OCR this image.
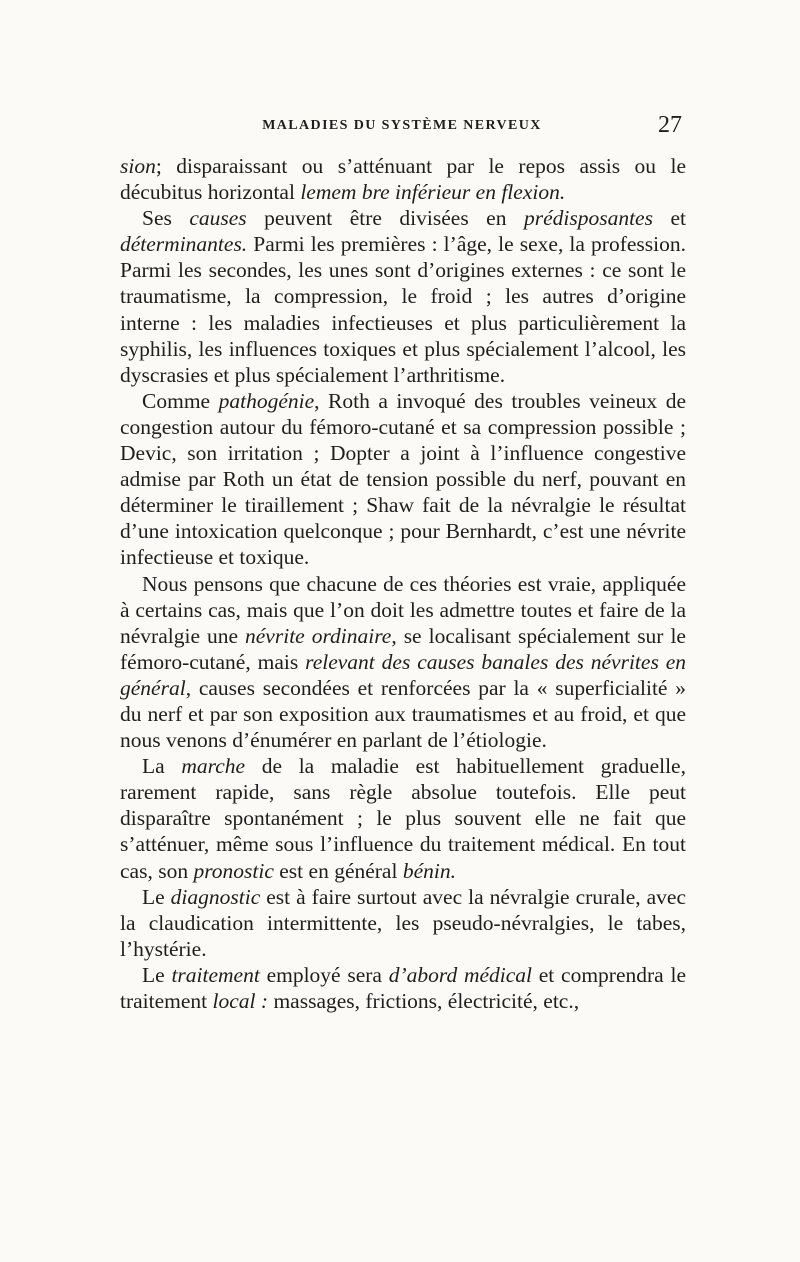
MALADIES DU SYSTÈME NERVEUX	27

sion; disparaissant ou s’atténuant par le repos assis ou le décubitus horizontal lemem bre inférieur en flexion.

Ses causes peuvent être divisées en prédisposantes et déterminantes. Parmi les premières : l’âge, le sexe, la profession. Parmi les secondes, les unes sont d’origines externes : ce sont le traumatisme, la compression, le froid ; les autres d’origine interne : les maladies infectieuses et plus particulièrement la syphilis, les influences toxiques et plus spécialement l’alcool, les dyscrasies et plus spécialement l’arthritisme.

Comme pathogénie, Roth a invoqué des troubles veineux de congestion autour du fémoro-cutané et sa compression possible ; Devic, son irritation ; Dopter a joint à l’influence congestive admise par Roth un état de tension possible du nerf, pouvant en déterminer le tiraillement ; Shaw fait de la névralgie le résultat d’une intoxication quelconque ; pour Bernhardt, c’est une névrite infectieuse et toxique.

Nous pensons que chacune de ces théories est vraie, appliquée à certains cas, mais que l’on doit les admettre toutes et faire de la névralgie une névrite ordinaire, se localisant spécialement sur le fémoro-cutané, mais relevant des causes banales des névrites en général, causes secondées et renforcées par la « superficialité » du nerf et par son exposition aux traumatismes et au froid, et que nous venons d’énumérer en parlant de l’étiologie.

La marche de la maladie est habituellement graduelle, rarement rapide, sans règle absolue toutefois. Elle peut disparaître spontanément ; le plus souvent elle ne fait que s’atténuer, même sous l’influence du traitement médical. En tout cas, son pronostic est en général bénin.

Le diagnostic est à faire surtout avec la névralgie crurale, avec la claudication intermittente, les pseudo-névralgies, le tabes, l’hystérie.

Le traitement employé sera d’abord médical et comprendra le traitement local : massages, frictions, électricité, etc.,
